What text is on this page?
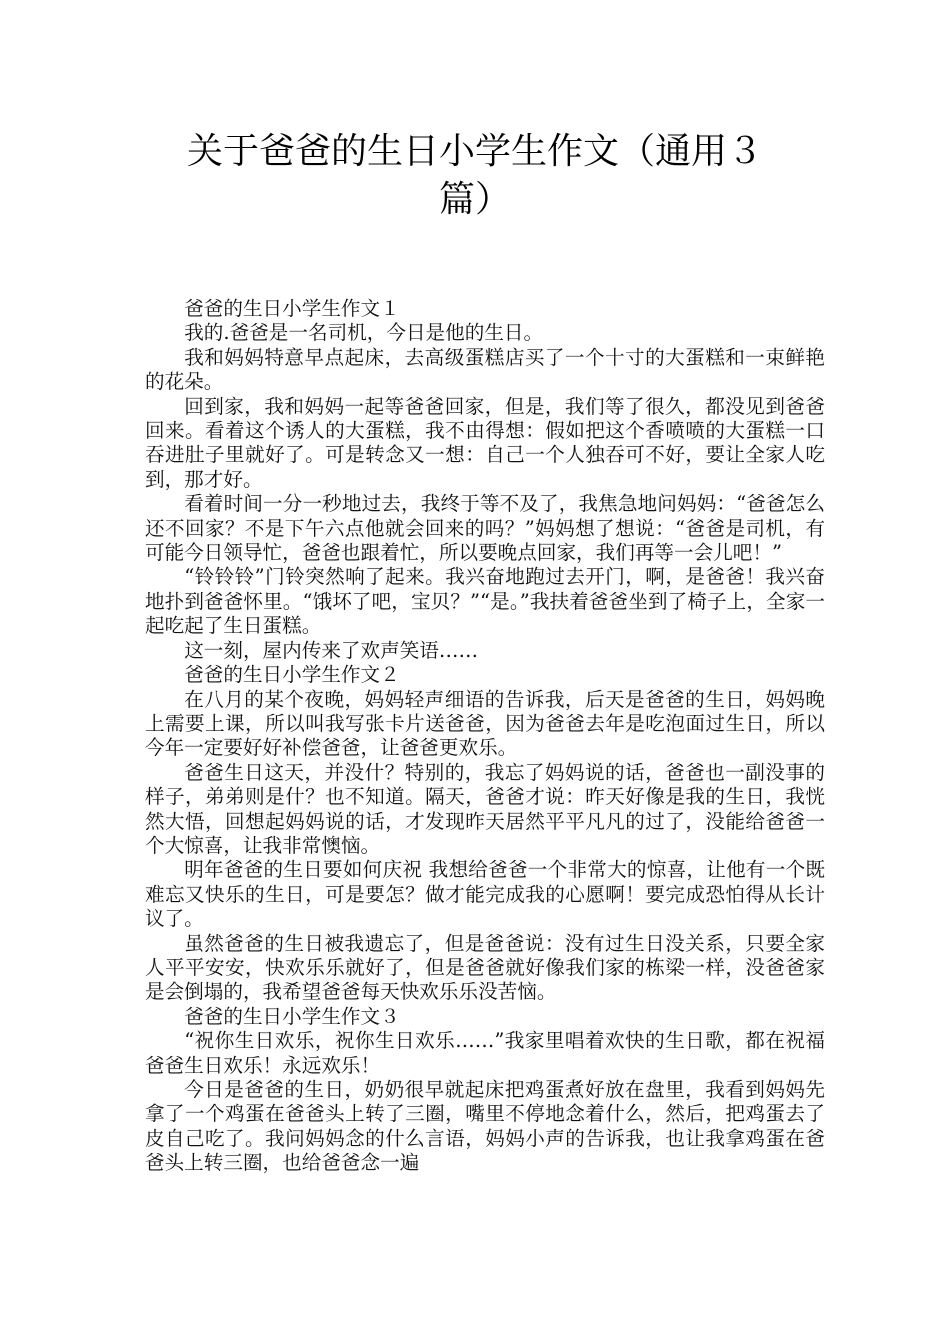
关于爸爸的生日小学生作文（通用３
篇）

爸爸的生日小学生作文１

我的.爸爸是一名司机，今日是他的生日。

我和妈妈特意早点起床，去高级蛋糕店买了一个十寸的大蛋糕和一束鲜艳的花朵。

回到家，我和妈妈一起等爸爸回家，但是，我们等了很久，都没见到爸爸回来。看着这个诱人的大蛋糕，我不由得想：假如把这个香喷喷的大蛋糕一口吞进肚子里就好了。可是转念又一想：自己一个人独吞可不好，要让全家人吃到，那才好。

看着时间一分一秒地过去，我终于等不及了，我焦急地问妈妈：“爸爸怎么还不回家？不是下午六点他就会回来的吗？”妈妈想了想说：“爸爸是司机，有可能今日领导忙，爸爸也跟着忙，所以要晚点回家，我们再等一会儿吧！”

“铃铃铃”门铃突然响了起来。我兴奋地跑过去开门，啊，是爸爸！我兴奋地扑到爸爸怀里。“饿坏了吧，宝贝？”“是。”我扶着爸爸坐到了椅子上，全家一起吃起了生日蛋糕。

这一刻，屋内传来了欢声笑语……

爸爸的生日小学生作文２

在八月的某个夜晚，妈妈轻声细语的告诉我，后天是爸爸的生日，妈妈晚上需要上课，所以叫我写张卡片送爸爸，因为爸爸去年是吃泡面过生日，所以今年一定要好好补偿爸爸，让爸爸更欢乐。

爸爸生日这天，并没什？特别的，我忘了妈妈说的话，爸爸也一副没事的样子，弟弟则是什？也不知道。隔天，爸爸才说：昨天好像是我的生日，我恍然大悟，回想起妈妈说的话，才发现昨天居然平平凡凡的过了，没能给爸爸一个大惊喜，让我非常懊恼。

明年爸爸的生日要如何庆祝 我想给爸爸一个非常大的惊喜，让他有一个既难忘又快乐的生日，可是要怎？做才能完成我的心愿啊！要完成恐怕得从长计议了。

虽然爸爸的生日被我遗忘了，但是爸爸说：没有过生日没关系，只要全家人平平安安，快欢乐乐就好了，但是爸爸就好像我们家的栋梁一样，没爸爸家是会倒塌的，我希望爸爸每天快欢乐乐没苦恼。

爸爸的生日小学生作文３

“祝你生日欢乐，祝你生日欢乐……”我家里唱着欢快的生日歌，都在祝福爸爸生日欢乐！永远欢乐！

今日是爸爸的生日，奶奶很早就起床把鸡蛋煮好放在盘里，我看到妈妈先拿了一个鸡蛋在爸爸头上转了三圈，嘴里不停地念着什么，然后，把鸡蛋去了皮自己吃了。我问妈妈念的什么言语，妈妈小声的告诉我，也让我拿鸡蛋在爸爸头上转三圈，也给爸爸念一遍
